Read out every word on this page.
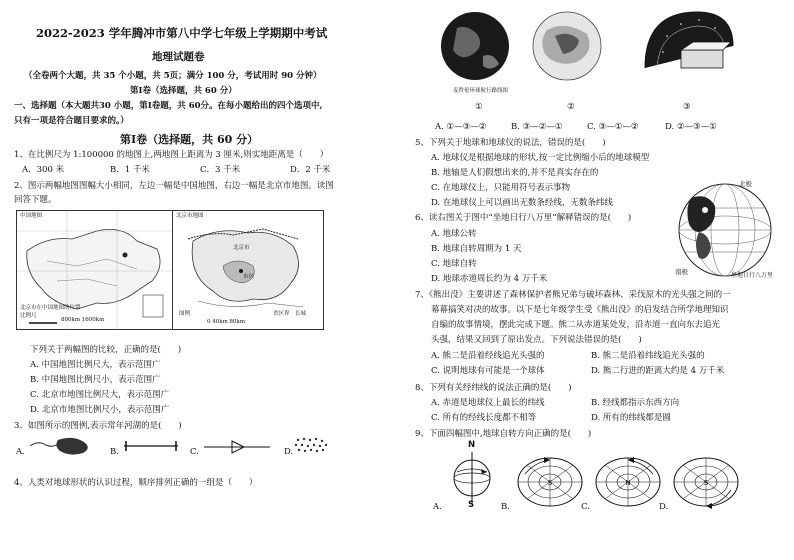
2022-2023 学年腾冲市第八中学七年级上学期期中考试
地理试题卷
（全卷两个大题，共 35 个小题，共 5页；满分 100 分，考试用时 90 分钟）
第Ⅰ卷（选择题，共 60 分）
一、选择题（本大题共30 小题，第Ⅰ卷题，共 60分。在每小题给出的四个选项中,
只有一项是符合题目要求的。）
第Ⅰ卷（选择题，共 60 分）
1、在比例尺为 1:100000 的地图上,两地图上距离为 3 厘米,则实地距离是（　　）
A．300 米	B．1 千米	C．3 千米	D．2 千米
2、图示两幅地图图幅大小相同，左边一幅是中国地图，右边一幅是北京市地图。读图
回答下题。
中国地图
北京市在中国地图的位置
比例尺
800km 1600km
北京市地图
北京市
市区
图例	省区界 长城
0 40km 80km
下列关于两幅图的比较，正确的是(　　)
A. 中国地图比例尺大，表示范围广
B. 中国地图比例尺小，表示范围广
C. 北京市地图比例尺大，表示范围广
D. 北京市地图比例尺小，表示范围广
3、如图所示的图例,表示常年河湖的是(　　)
A.	B.	C.	D.
4、人类对地球形状的认识过程，顺序排列正确的一组是（　　）
麦哲伦环球航行路线图
①	②	③
A. ①—③—②	B. ③—②—①	C. ③—①—②	D. ②—③—①
5、下列关于地球和地球仪的说法，错误的是(　　)
A. 地球仪是根据地球的形状,按一定比例缩小后的地球模型
B. 地轴是人们假想出来的,并不是真实存在的
C. 在地球仪上，只能用符号表示事物
D. 在地球仪上可以画出无数条经线，无数条纬线
6、读右图关于图中“坐地日行八万里”解释错误的是(　　)
A. 地球公转
B. 地球自转周期为 1 天
C. 地球自转
D. 地球赤道周长约为 4 万千米
北极
南极	坐地日行八万里
7、《熊出没》主要讲述了森林保护者熊兄弟与破坏森林、采伐原木的光头强之间的一
幕幕搞笑对决的故事。以下是七年级学生受《熊出没》的启发结合所学地理知识
自编的故事情境，摆此完成下题。熊二从赤道某处发，沿赤道一直向东去追光
头强，结果又回到了原出发点。下列说法错误的是(　　)
A. 熊二是沿着经线追光头强的	B. 熊二是沿着纬线追光头强的
C. 说明地球有可能是一个球体	D. 熊二行进的距离大约是 4 万千米
8、下列有关经纬线的说法正确的是(　　)
A. 赤道是地球仪上最长的纬线	B. 经线都指示东西方向
C. 所有的经线长度都不相等	D. 所有的纬线都是圆
9、下面四幅图中,地球自转方向正确的是(　　)
N
S
S	N	S
A.	B.	C.	D.
